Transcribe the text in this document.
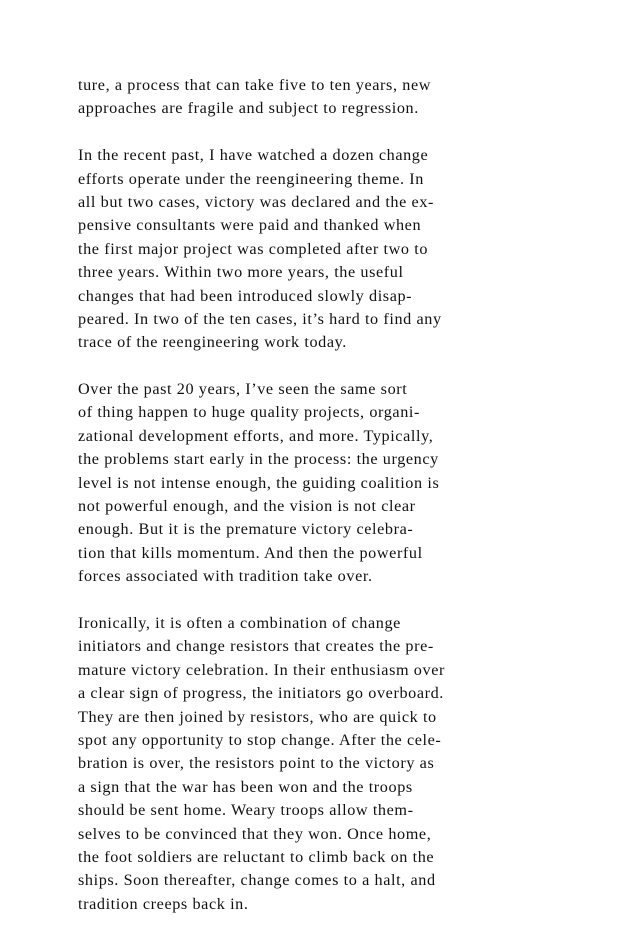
ture, a process that can take five to ten years, new
approaches are fragile and subject to regression.
In the recent past, I have watched a dozen change
efforts operate under the reengineering theme. In
all but two cases, victory was declared and the ex-
pensive consultants were paid and thanked when
the first major project was completed after two to
three years. Within two more years, the useful
changes that had been introduced slowly disap-
peared. In two of the ten cases, it’s hard to find any
trace of the reengineering work today.
Over the past 20 years, I’ve seen the same sort
of thing happen to huge quality projects, organi-
zational development efforts, and more. Typically,
the problems start early in the process: the urgency
level is not intense enough, the guiding coalition is
not powerful enough, and the vision is not clear
enough. But it is the premature victory celebra-
tion that kills momentum. And then the powerful
forces associated with tradition take over.
Ironically, it is often a combination of change
initiators and change resistors that creates the pre-
mature victory celebration. In their enthusiasm over
a clear sign of progress, the initiators go overboard.
They are then joined by resistors, who are quick to
spot any opportunity to stop change. After the cele-
bration is over, the resistors point to the victory as
a sign that the war has been won and the troops
should be sent home. Weary troops allow them-
selves to be convinced that they won. Once home,
the foot soldiers are reluctant to climb back on the
ships. Soon thereafter, change comes to a halt, and
tradition creeps back in.
